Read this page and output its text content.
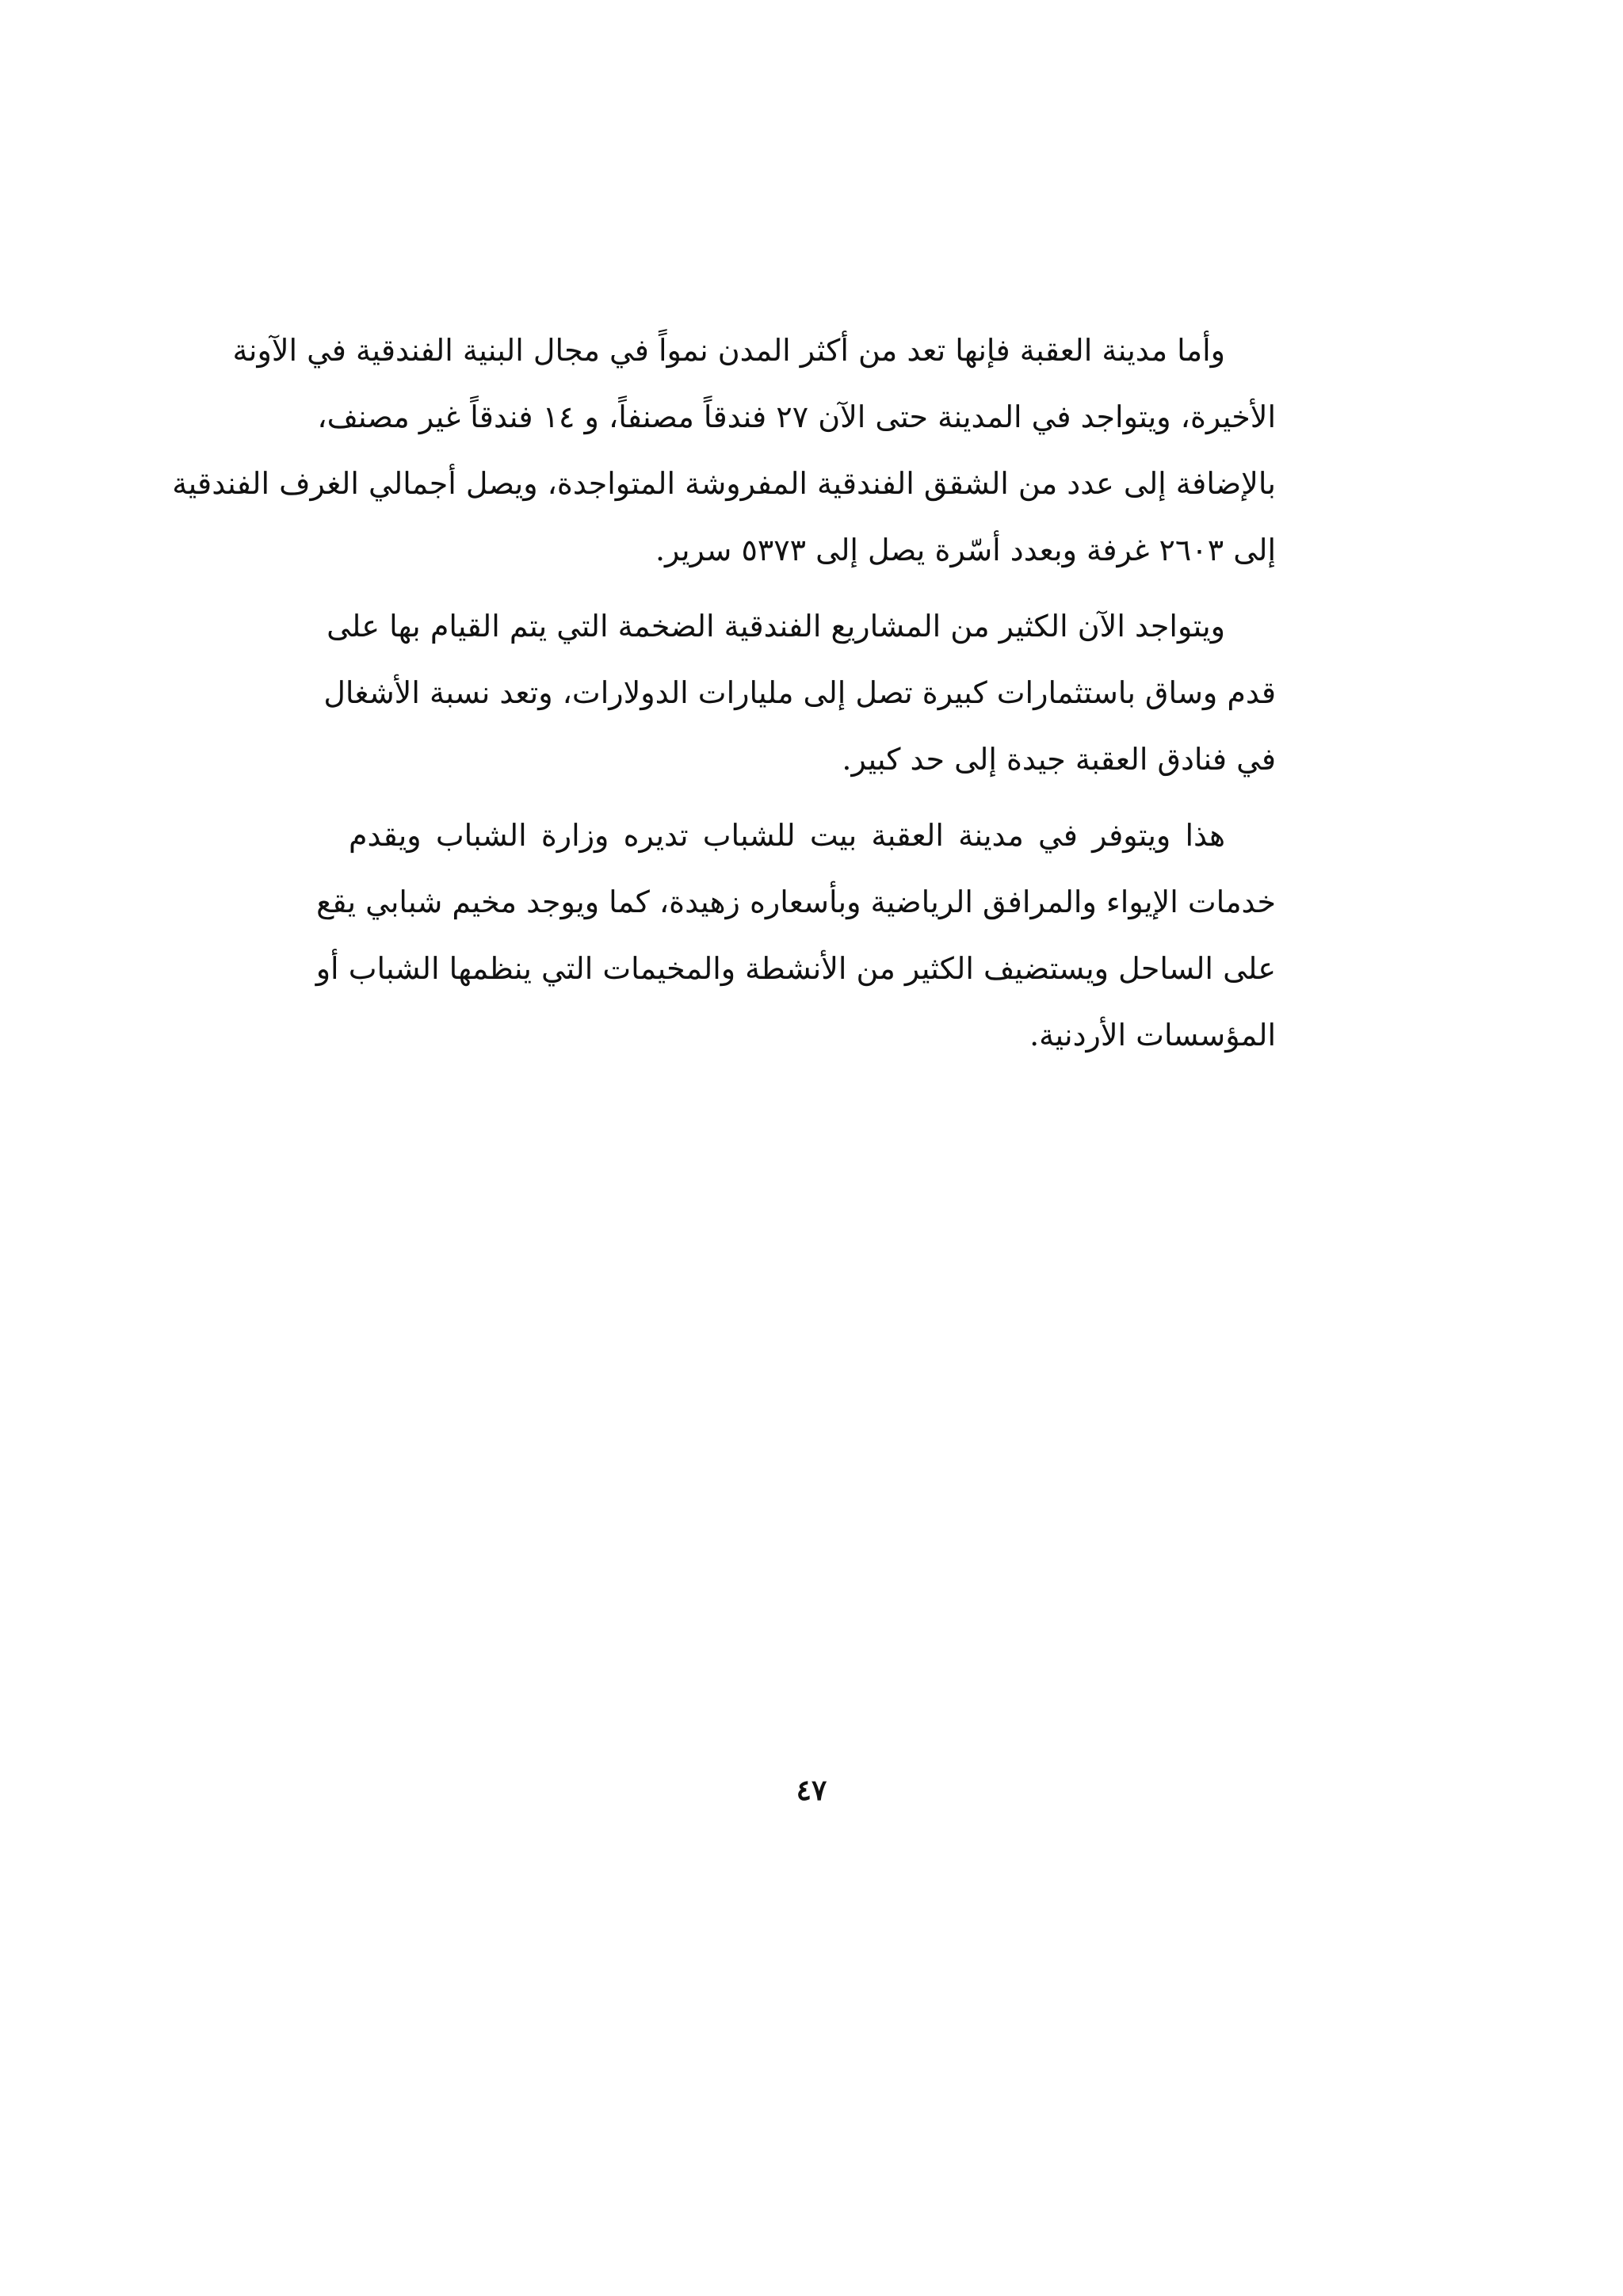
وأما مدينة العقبة فإنها تعد من أكثر المدن نمواً في مجال البنية الفندقية في الآونة
الأخيرة، ويتواجد في المدينة حتى الآن ٢٧ فندقاً مصنفاً، و ١٤ فندقاً غير مصنف،
بالإضافة إلى عدد من الشقق الفندقية المفروشة المتواجدة، ويصل أجمالي الغرف الفندقية
إلى ٢٦٠٣ غرفة وبعدد أسّرة يصل إلى ٥٣٧٣ سرير.

ويتواجد الآن الكثير من المشاريع الفندقية الضخمة التي يتم القيام بها على
قدم وساق باستثمارات كبيرة تصل إلى مليارات الدولارات، وتعد نسبة الأشغال
في فنادق العقبة جيدة إلى حد كبير.

هذا ويتوفر في مدينة العقبة بيت للشباب تديره وزارة الشباب ويقدم
خدمات الإيواء والمرافق الرياضية وبأسعاره زهيدة، كما ويوجد مخيم شبابي يقع
على الساحل ويستضيف الكثير من الأنشطة والمخيمات التي ينظمها الشباب أو
المؤسسات الأردنية.

٤٧
